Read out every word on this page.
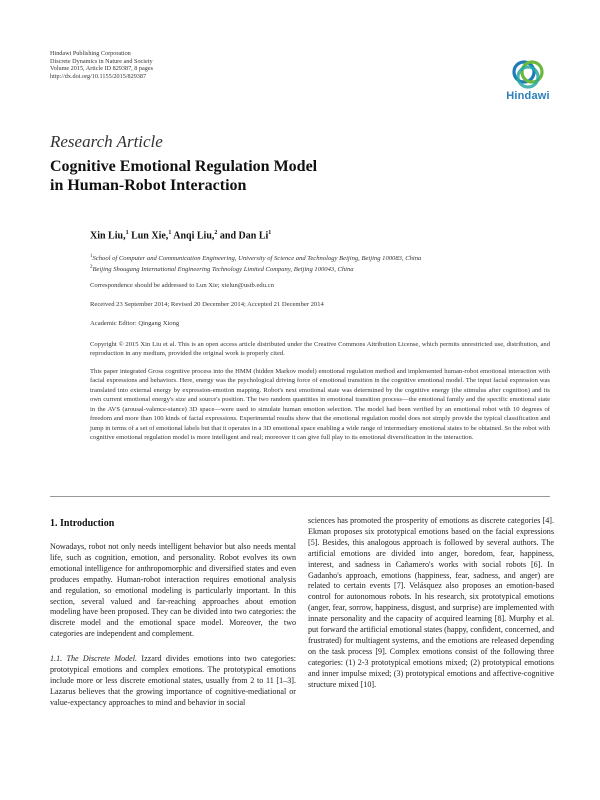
Hindawi Publishing Corporation
Discrete Dynamics in Nature and Society
Volume 2015, Article ID 829387, 8 pages
http://dx.doi.org/10.1155/2015/829387
Hindawi
Research Article
Cognitive Emotional Regulation Model
in Human-Robot Interaction
Xin Liu,$^1$ Lun Xie,$^1$ Anqi Liu,$^2$ and Dan Li$^1$
$^1$School of Computer and Communication Engineering, University of Science and Technology Beijing, Beijing 100083, China
$^2$Beijing Shougang International Engineering Technology Limited Company, Beijing 100043, China
Correspondence should be addressed to Lun Xie; xielun@ustb.edu.cn
Received 23 September 2014; Revised 20 December 2014; Accepted 21 December 2014
Academic Editor: Qingang Xiong
Copyright © 2015 Xin Liu et al. This is an open access article distributed under the Creative Commons Attribution License, which permits unrestricted use, distribution, and reproduction in any medium, provided the original work is properly cited.
This paper integrated Gross cognitive process into the HMM (hidden Markov model) emotional regulation method and implemented human-robot emotional interaction with facial expressions and behaviors. Here, energy was the psychological driving force of emotional transition in the cognitive emotional model. The input facial expression was translated into external energy by expression-emotion mapping. Robot's next emotional state was determined by the cognitive energy (the stimulus after cognition) and its own current emotional energy's size and source's position. The two random quantities in emotional transition process—the emotional family and the specific emotional state in the AVS (arousal-valence-stance) 3D space—were used to simulate human emotion selection. The model had been verified by an emotional robot with 10 degrees of freedom and more than 100 kinds of facial expressions. Experimental results show that the emotional regulation model does not simply provide the typical classification and jump in terms of a set of emotional labels but that it operates in a 3D emotional space enabling a wide range of intermediary emotional states to be obtained. So the robot with cognitive emotional regulation model is more intelligent and real; moreover it can give full play to its emotional diversification in the interaction.
1. Introduction

Nowadays, robot not only needs intelligent behavior but also needs mental life, such as cognition, emotion, and personality. Robot evolves its own emotional intelligence for anthropomorphic and diversified states and even produces empathy. Human-robot interaction requires emotional analysis and regulation, so emotional modeling is particularly important. In this section, several valued and far-reaching approaches about emotion modeling have been proposed. They can be divided into two categories: the discrete model and the emotional space model. Moreover, the two categories are independent and complement.

1.1. The Discrete Model. Izzard divides emotions into two categories: prototypical emotions and complex emotions. The prototypical emotions include more or less discrete emotional states, usually from 2 to 11 [1–3]. Lazarus believes that the growing importance of cognitive-mediational or value-expectancy approaches to mind and behavior in social

sciences has promoted the prosperity of emotions as discrete categories [4]. Ekman proposes six prototypical emotions based on the facial expressions [5]. Besides, this analogous approach is followed by several authors. The artificial emotions are divided into anger, boredom, fear, happiness, interest, and sadness in Cañamero's works with social robots [6]. In Gadanho's approach, emotions (happiness, fear, sadness, and anger) are related to certain events [7]. Velásquez also proposes an emotion-based control for autonomous robots. In his research, six prototypical emotions (anger, fear, sorrow, happiness, disgust, and surprise) are implemented with innate personality and the capacity of acquired learning [8]. Murphy et al. put forward the artificial emotional states (happy, confident, concerned, and frustrated) for multiagent systems, and the emotions are released depending on the task process [9]. Complex emotions consist of the following three categories: (1) 2-3 prototypical emotions mixed; (2) prototypical emotions and inner impulse mixed; (3) prototypical emotions and affective-cognitive structure mixed [10].
